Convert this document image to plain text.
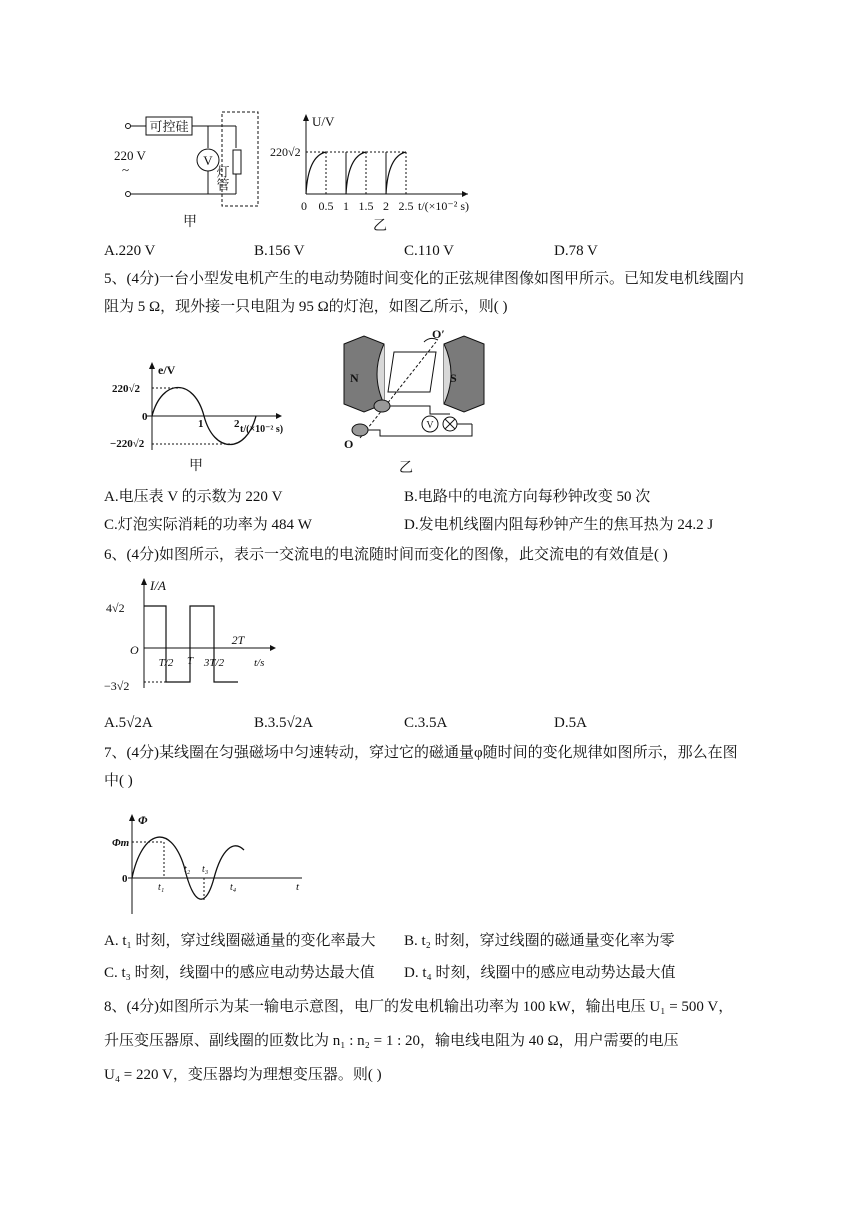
可控硅
V
灯管
220 V
~
甲
U/V
220√2
0 0.5 1 1.5 2 2.5 t/(×10⁻² s)
乙
A.220 V	B.156 V	C.110 V	D.78 V
5、(4分)一台小型发电机产生的电动势随时间变化的正弦规律图像如图甲所示。已知发电机线圈内
阻为 5 Ω，现外接一只电阻为 95 Ω的灯泡，如图乙所示，则( )
e/V
220√2
−220√2
0
1	2 t/(×10⁻² s)
甲
N	S
O′
O
V
乙
A.电压表 V 的示数为 220 V	B.电路中的电流方向每秒钟改变 50 次
C.灯泡实际消耗的功率为 484 W	D.发电机线圈内阻每秒钟产生的焦耳热为 24.2 J
6、(4分)如图所示，表示一交流电的电流随时间而变化的图像，此交流电的有效值是( )
I/A
4√2
−3√2
O
T/2 T 3T/2
2T
t/s
A.5√2A	B.3.5√2A	C.3.5A	D.5A
7、(4分)某线圈在匀强磁场中匀速转动，穿过它的磁通量φ随时间的变化规律如图所示，那么在图
中( )
Φ
Φm
0
t₁
t₂ t₃
t₄	t
A. t₁ 时刻，穿过线圈磁通量的变化率最大 B. t₂ 时刻，穿过线圈的磁通量变化率为零
C. t₃ 时刻，线圈中的感应电动势达最大值 D. t₄ 时刻，线圈中的感应电动势达最大值
8、(4分)如图所示为某一输电示意图，电厂的发电机输出功率为 100 kW，输出电压 U₁ = 500 V，
升压变压器原、副线圈的匝数比为 n₁ : n₂ = 1 : 20，输电线电阻为 40 Ω，用户需要的电压
U₄ = 220 V，变压器均为理想变压器。则( )
